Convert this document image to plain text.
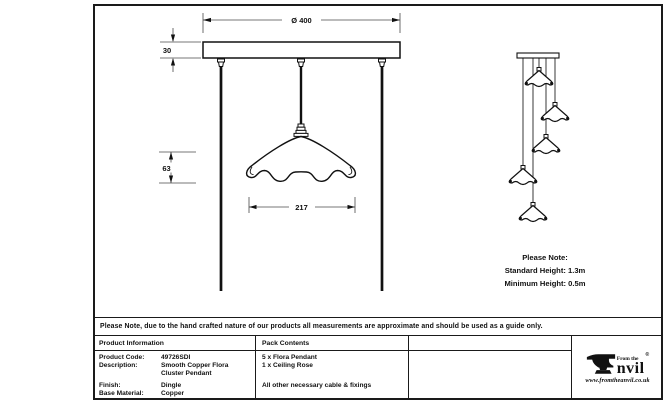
Ø 400
30
63
217
Please Note:
Standard Height: 1.3m
Minimum Height: 0.5m
Please Note, due to the hand crafted nature of our products all measurements are approximate and should be used as a guide only.
Product Information	Pack Contents
From the
nvil
®
www.fromtheanvil.co.uk
Product Code:	49726SDI
Description:	Smooth Copper Flora Cluster Pendant
Finish:	Dingle
Base Material:	Copper
5 x Flora Pendant
1 x Ceiling Rose
All other necessary cable & fixings
